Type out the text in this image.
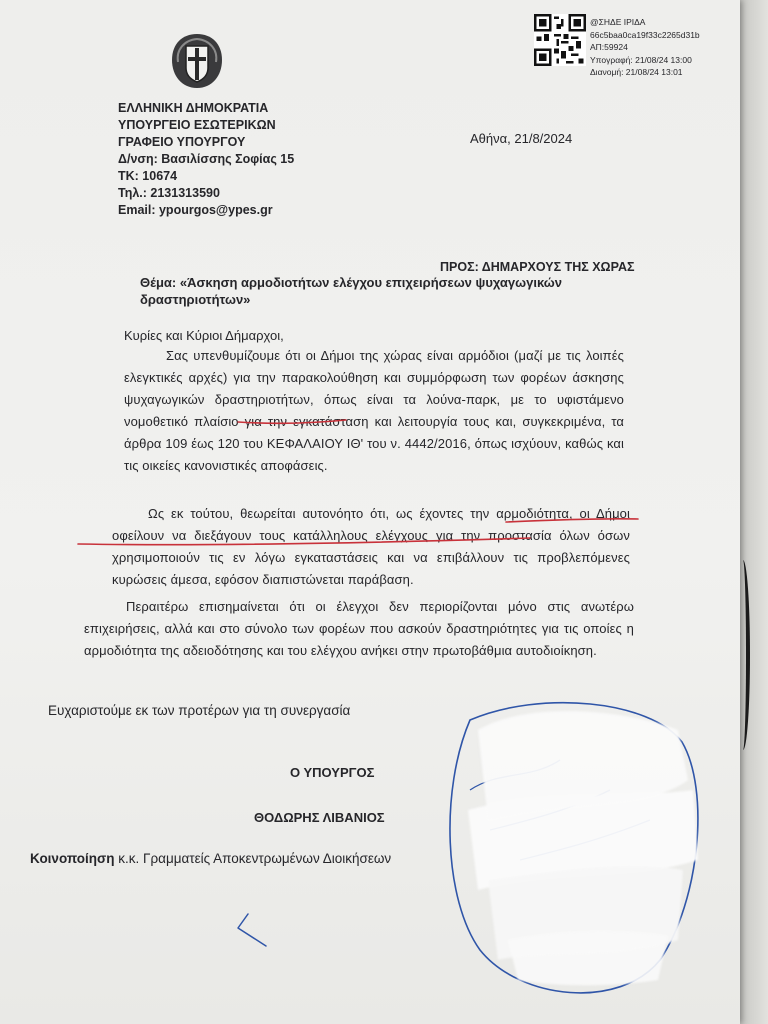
ΕΛΛΗΝΙΚΗ ΔΗΜΟΚΡΑΤΙΑ
ΥΠΟΥΡΓΕΙΟ ΕΣΩΤΕΡΙΚΩΝ
ΓΡΑΦΕΙΟ ΥΠΟΥΡΓΟΥ
Δ/νση: Βασιλίσσης Σοφίας 15
ΤΚ: 10674
Τηλ.: 2131313590
Email: ypourgos@ypes.gr
@ΣΗΔΕ ΙΡΙΔΑ
66c5baa0ca19f33c2265d31b
ΑΠ:59924
Υπογραφή: 21/08/24 13:00
Διανομή: 21/08/24 13:01
Αθήνα, 21/8/2024
ΠΡΟΣ: ΔΗΜΑΡΧΟΥΣ ΤΗΣ ΧΩΡΑΣ
Θέμα: «Άσκηση αρμοδιοτήτων ελέγχου επιχειρήσεων ψυχαγωγικών δραστηριοτήτων»
Κυρίες και Κύριοι Δήμαρχοι,
Σας υπενθυμίζουμε ότι οι Δήμοι της χώρας είναι αρμόδιοι (μαζί με τις λοιπές ελεγκτικές αρχές) για την παρακολούθηση και συμμόρφωση των φορέων άσκησης ψυχαγωγικών δραστηριοτήτων, όπως είναι τα λούνα-παρκ, με το υφιστάμενο νομοθετικό πλαίσιο για την εγκατάσταση και λειτουργία τους και, συγκεκριμένα, τα άρθρα 109 έως 120 του ΚΕΦΑΛΑΙΟΥ ΙΘ' του ν. 4442/2016, όπως ισχύουν, καθώς και τις οικείες κανονιστικές αποφάσεις.
Ως εκ τούτου, θεωρείται αυτονόητο ότι, ως έχοντες την αρμοδιότητα, οι Δήμοι οφείλουν να διεξάγουν τους κατάλληλους ελέγχους για την προστασία όλων όσων χρησιμοποιούν τις εν λόγω εγκαταστάσεις και να επιβάλλουν τις προβλεπόμενες κυρώσεις άμεσα, εφόσον διαπιστώνεται παράβαση.
Περαιτέρω επισημαίνεται ότι οι έλεγχοι δεν περιορίζονται μόνο στις ανωτέρω επιχειρήσεις, αλλά και στο σύνολο των φορέων που ασκούν δραστηριότητες για τις οποίες η αρμοδιότητα της αδειοδότησης και του ελέγχου ανήκει στην πρωτοβάθμια αυτοδιοίκηση.
Ευχαριστούμε εκ των προτέρων για τη συνεργασία
Ο ΥΠΟΥΡΓΟΣ
ΘΟΔΩΡΗΣ ΛΙΒΑΝΙΟΣ
Κοινοποίηση κ.κ. Γραμματείς Αποκεντρωμένων Διοικήσεων
